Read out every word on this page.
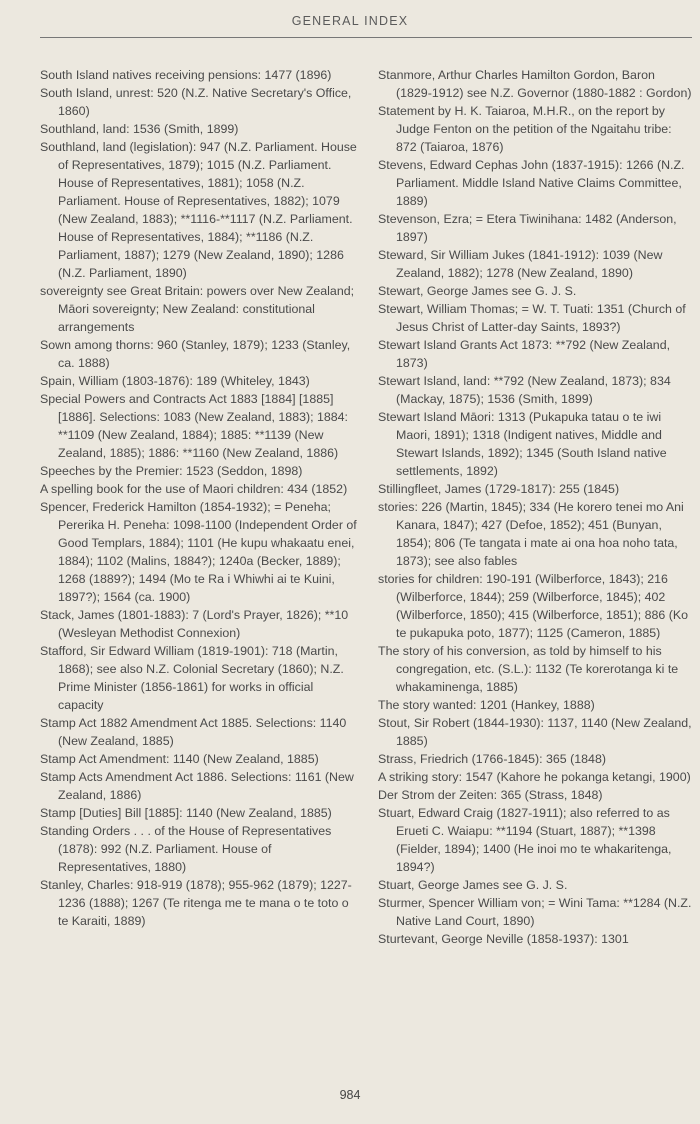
GENERAL INDEX

South Island natives receiving pensions: 1477 (1896)

South Island, unrest: 520 (N.Z. Native Secretary's Office, 1860)

Southland, land: 1536 (Smith, 1899)

Southland, land (legislation): 947 (N.Z. Parliament. House of Representatives, 1879); 1015 (N.Z. Parliament. House of Representatives, 1881); 1058 (N.Z. Parliament. House of Representatives, 1882); 1079 (New Zealand, 1883); **1116-**1117 (N.Z. Parliament. House of Representatives, 1884); **1186 (N.Z. Parliament, 1887); 1279 (New Zealand, 1890); 1286 (N.Z. Parliament, 1890)

sovereignty see Great Britain: powers over New Zealand; Māori sovereignty; New Zealand: constitutional arrangements

Sown among thorns: 960 (Stanley, 1879); 1233 (Stanley, ca. 1888)

Spain, William (1803-1876): 189 (Whiteley, 1843)

Special Powers and Contracts Act 1883 [1884] [1885] [1886]. Selections: 1083 (New Zealand, 1883); 1884: **1109 (New Zealand, 1884); 1885: **1139 (New Zealand, 1885); 1886: **1160 (New Zealand, 1886)

Speeches by the Premier: 1523 (Seddon, 1898)

A spelling book for the use of Maori children: 434 (1852)

Spencer, Frederick Hamilton (1854-1932); = Peneha; Pererika H. Peneha: 1098-1100 (Independent Order of Good Templars, 1884); 1101 (He kupu whakaatu enei, 1884); 1102 (Malins, 1884?); 1240a (Becker, 1889); 1268 (1889?); 1494 (Mo te Ra i Whiwhi ai te Kuini, 1897?); 1564 (ca. 1900)

Stack, James (1801-1883): 7 (Lord's Prayer, 1826); **10 (Wesleyan Methodist Connexion)

Stafford, Sir Edward William (1819-1901): 718 (Martin, 1868); see also N.Z. Colonial Secretary (1860); N.Z. Prime Minister (1856-1861) for works in official capacity

Stamp Act 1882 Amendment Act 1885. Selections: 1140 (New Zealand, 1885)

Stamp Act Amendment: 1140 (New Zealand, 1885)

Stamp Acts Amendment Act 1886. Selections: 1161 (New Zealand, 1886)

Stamp [Duties] Bill [1885]: 1140 (New Zealand, 1885)

Standing Orders . . . of the House of Representatives (1878): 992 (N.Z. Parliament. House of Representatives, 1880)

Stanley, Charles: 918-919 (1878); 955-962 (1879); 1227-1236 (1888); 1267 (Te ritenga me te mana o te toto o te Karaiti, 1889)

Stanmore, Arthur Charles Hamilton Gordon, Baron (1829-1912) see N.Z. Governor (1880-1882 : Gordon)

Statement by H. K. Taiaroa, M.H.R., on the report by Judge Fenton on the petition of the Ngaitahu tribe: 872 (Taiaroa, 1876)

Stevens, Edward Cephas John (1837-1915): 1266 (N.Z. Parliament. Middle Island Native Claims Committee, 1889)

Stevenson, Ezra; = Etera Tiwinihana: 1482 (Anderson, 1897)

Steward, Sir William Jukes (1841-1912): 1039 (New Zealand, 1882); 1278 (New Zealand, 1890)

Stewart, George James see G. J. S.

Stewart, William Thomas; = W. T. Tuati: 1351 (Church of Jesus Christ of Latter-day Saints, 1893?)

Stewart Island Grants Act 1873: **792 (New Zealand, 1873)

Stewart Island, land: **792 (New Zealand, 1873); 834 (Mackay, 1875); 1536 (Smith, 1899)

Stewart Island Māori: 1313 (Pukapuka tatau o te iwi Maori, 1891); 1318 (Indigent natives, Middle and Stewart Islands, 1892); 1345 (South Island native settlements, 1892)

Stillingfleet, James (1729-1817): 255 (1845)

stories: 226 (Martin, 1845); 334 (He korero tenei mo Ani Kanara, 1847); 427 (Defoe, 1852); 451 (Bunyan, 1854); 806 (Te tangata i mate ai ona hoa noho tata, 1873); see also fables

stories for children: 190-191 (Wilberforce, 1843); 216 (Wilberforce, 1844); 259 (Wilberforce, 1845); 402 (Wilberforce, 1850); 415 (Wilberforce, 1851); 886 (Ko te pukapuka poto, 1877); 1125 (Cameron, 1885)

The story of his conversion, as told by himself to his congregation, etc. (S.L.): 1132 (Te korerotanga ki te whakaminenga, 1885)

The story wanted: 1201 (Hankey, 1888)

Stout, Sir Robert (1844-1930): 1137, 1140 (New Zealand, 1885)

Strass, Friedrich (1766-1845): 365 (1848)

A striking story: 1547 (Kahore he pokanga ketangi, 1900)

Der Strom der Zeiten: 365 (Strass, 1848)

Stuart, Edward Craig (1827-1911); also referred to as Erueti C. Waiapu: **1194 (Stuart, 1887); **1398 (Fielder, 1894); 1400 (He inoi mo te whakaritenga, 1894?)

Stuart, George James see G. J. S.

Sturmer, Spencer William von; = Wini Tama: **1284 (N.Z. Native Land Court, 1890)

Sturtevant, George Neville (1858-1937): 1301

984
